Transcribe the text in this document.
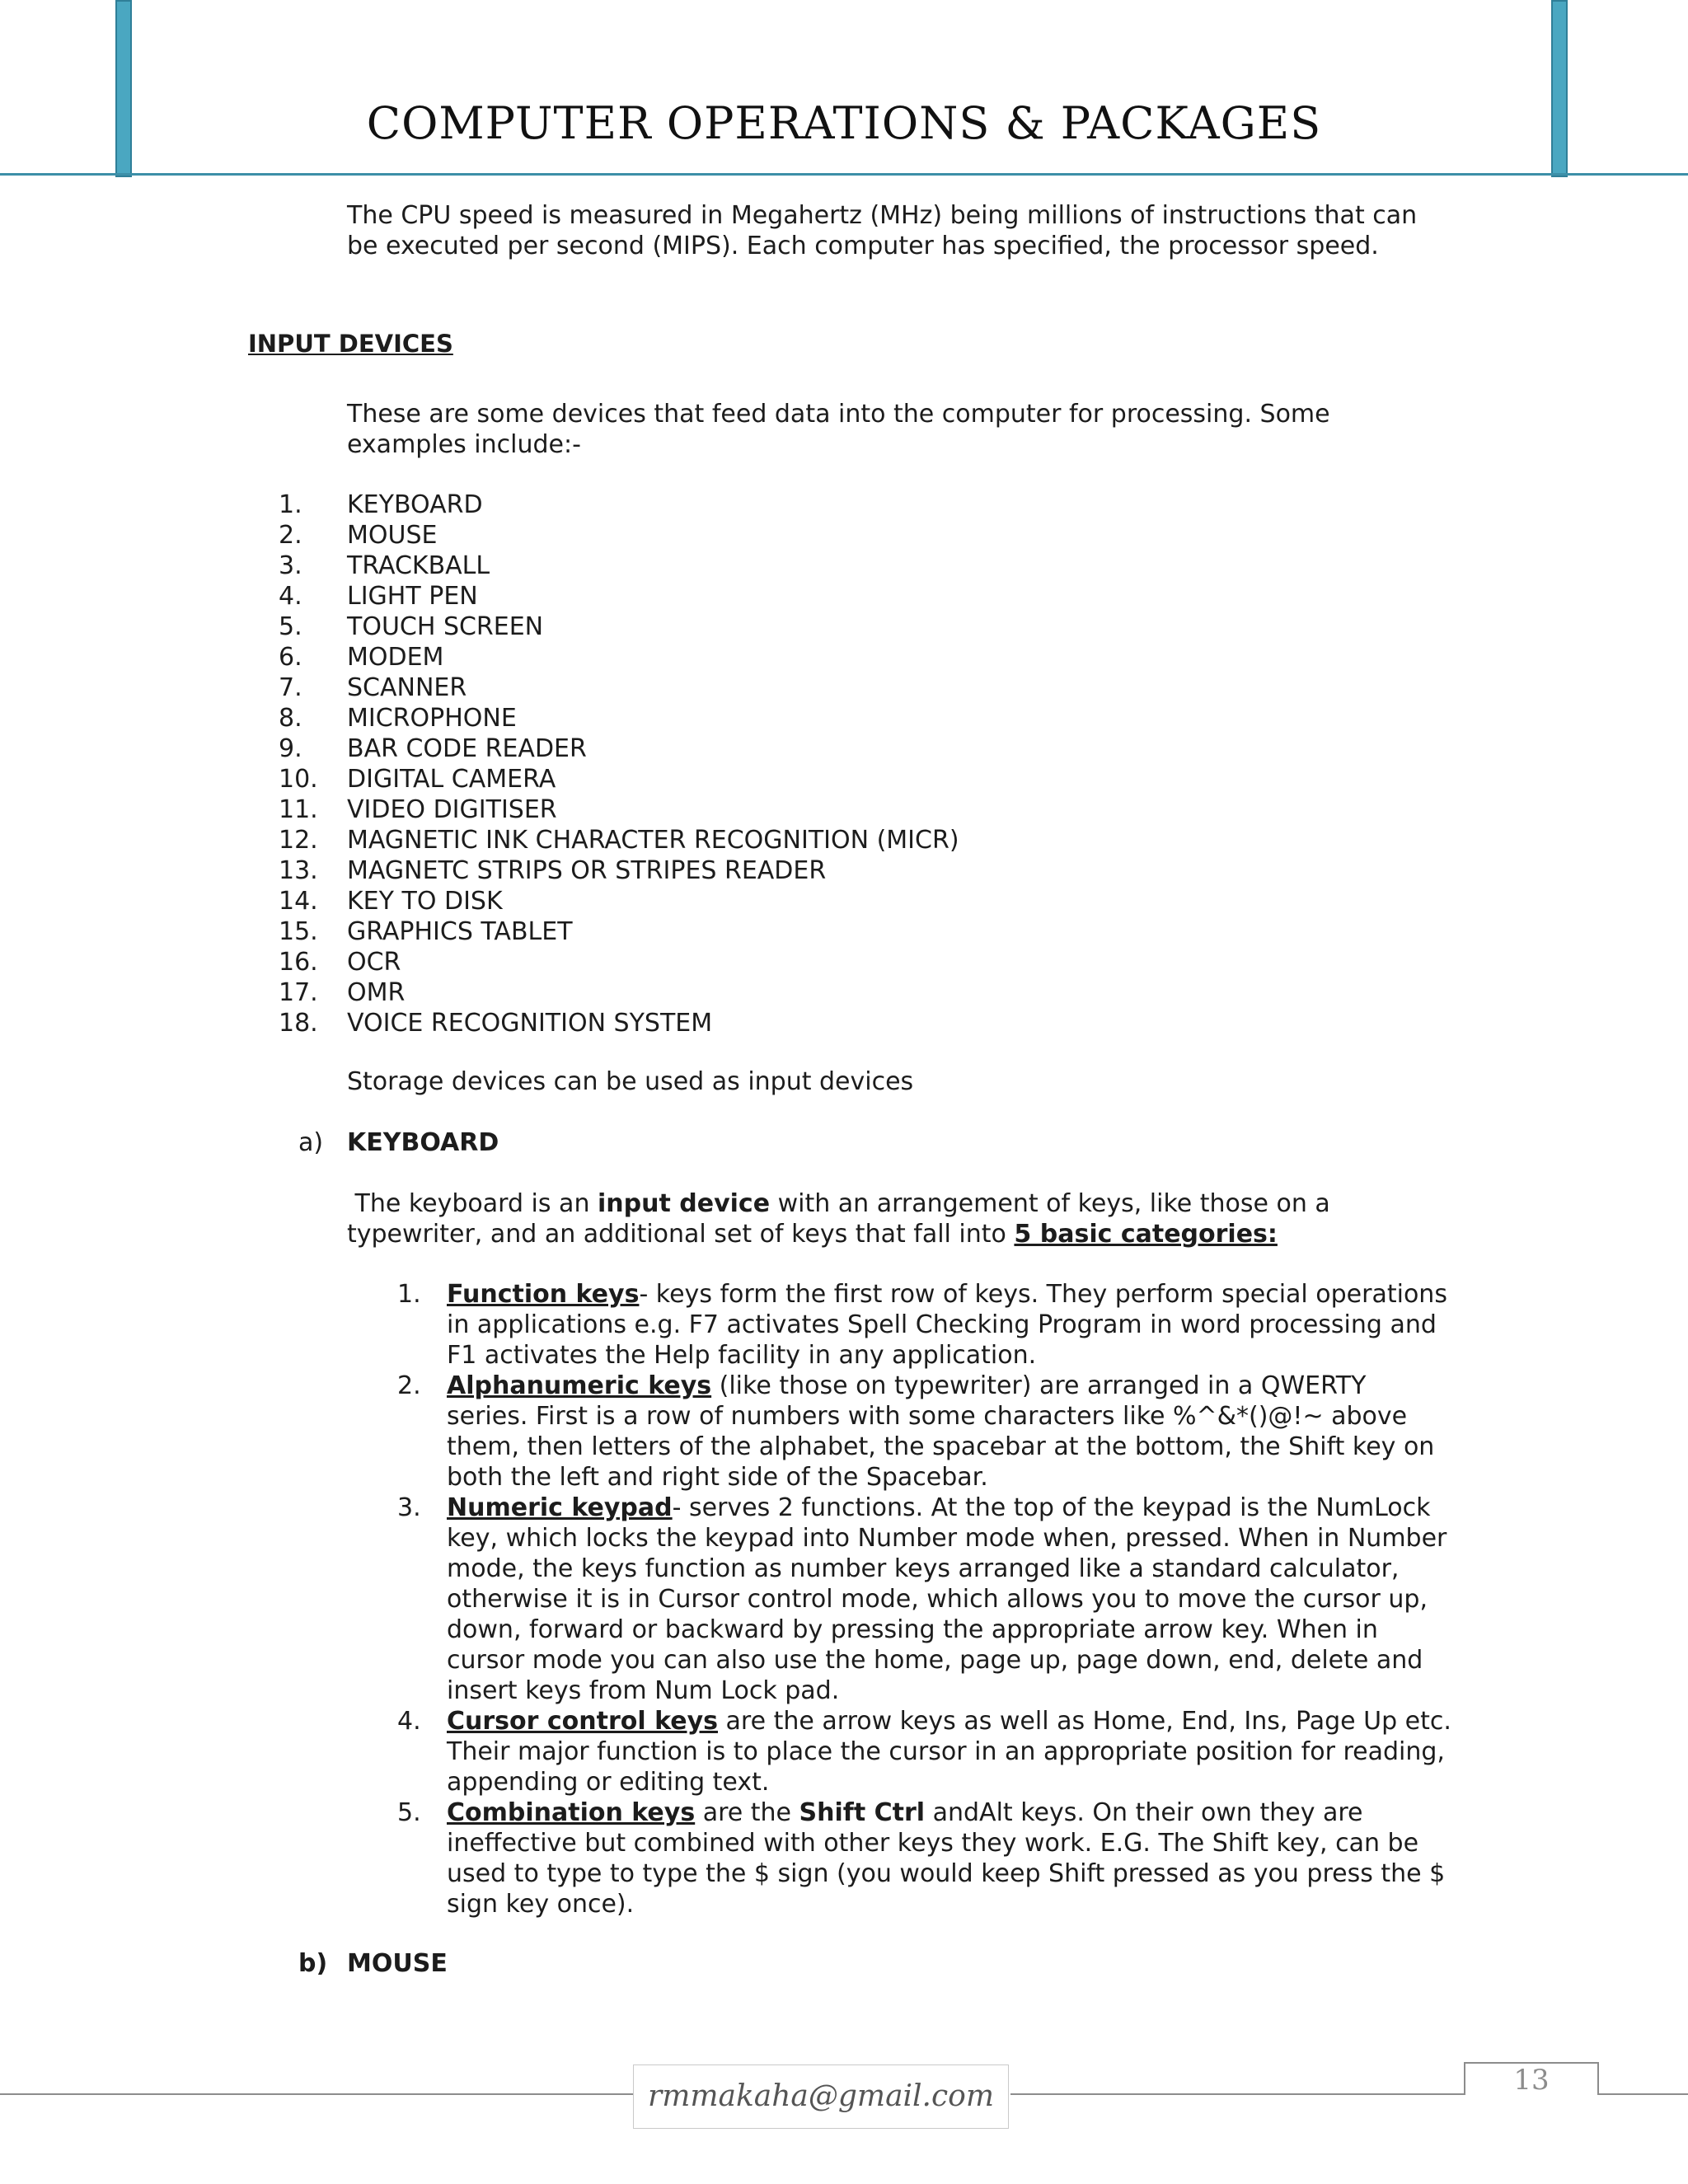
COMPUTER OPERATIONS & PACKAGES
The CPU speed is measured in Megahertz (MHz) being millions of instructions that can be executed per second (MIPS). Each computer has specified, the processor speed.
INPUT DEVICES
These are some devices that feed data into the computer for processing. Some examples include:-
1.	KEYBOARD
2.	MOUSE
3.	TRACKBALL
4.	LIGHT PEN
5.	TOUCH SCREEN
6.	MODEM
7.	SCANNER
8.	MICROPHONE
9.	BAR CODE READER
10.	DIGITAL CAMERA
11.	VIDEO DIGITISER
12.	MAGNETIC INK CHARACTER RECOGNITION (MICR)
13.	MAGNETC STRIPS OR STRIPES READER
14.	KEY TO DISK
15.	GRAPHICS TABLET
16.	OCR
17.	OMR
18.	VOICE RECOGNITION SYSTEM
Storage devices can be used as input devices
a) KEYBOARD
The keyboard is an input device with an arrangement of keys, like those on a typewriter, and an additional set of keys that fall into 5 basic categories:
1. Function keys- keys form the first row of keys. They perform special operations in applications e.g. F7 activates Spell Checking Program in word processing and F1 activates the Help facility in any application.
2. Alphanumeric keys (like those on typewriter) are arranged in a QWERTY series. First is a row of numbers with some characters like %^&*()@!~ above them, then letters of the alphabet, the spacebar at the bottom, the Shift key on both the left and right side of the Spacebar.
3. Numeric keypad- serves 2 functions. At the top of the keypad is the NumLock key, which locks the keypad into Number mode when, pressed. When in Number mode, the keys function as number keys arranged like a standard calculator, otherwise it is in Cursor control mode, which allows you to move the cursor up, down, forward or backward by pressing the appropriate arrow key. When in cursor mode you can also use the home, page up, page down, end, delete and insert keys from Num Lock pad.
4. Cursor control keys are the arrow keys as well as Home, End, Ins, Page Up etc. Their major function is to place the cursor in an appropriate position for reading, appending or editing text.
5. Combination keys are the Shift Ctrl andAlt keys. On their own they are ineffective but combined with other keys they work. E.G. The Shift key, can be used to type to type the $ sign (you would keep Shift pressed as you press the $ sign key once).
b) MOUSE
rmmakaha@gmail.com	13
